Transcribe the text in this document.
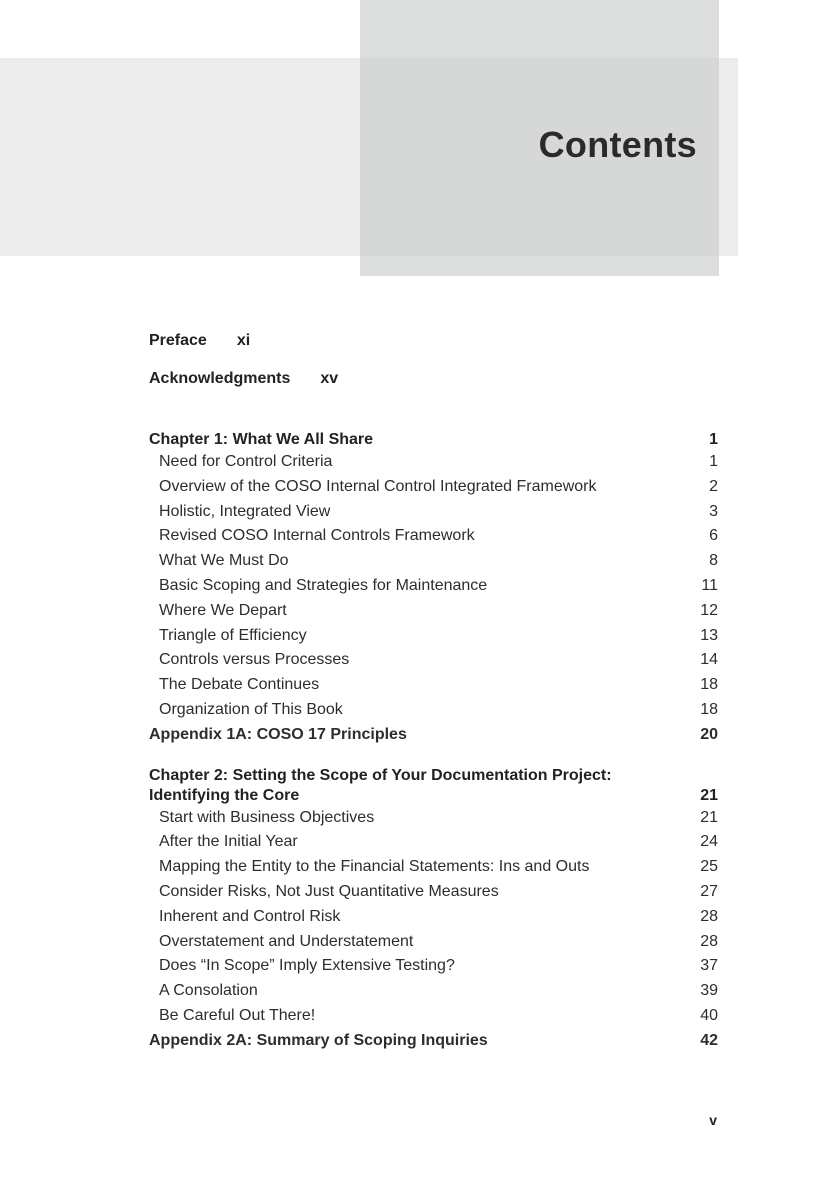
Contents
Preface xi
Acknowledgments xv
Chapter 1: What We All Share	1
Need for Control Criteria	1
Overview of the COSO Internal Control Integrated Framework	2
Holistic, Integrated View	3
Revised COSO Internal Controls Framework	6
What We Must Do	8
Basic Scoping and Strategies for Maintenance	11
Where We Depart	12
Triangle of Efficiency	13
Controls versus Processes	14
The Debate Continues	18
Organization of This Book	18
Appendix 1A: COSO 17 Principles	20
Chapter 2: Setting the Scope of Your Documentation Project:
Identifying the Core	21
Start with Business Objectives	21
After the Initial Year	24
Mapping the Entity to the Financial Statements: Ins and Outs	25
Consider Risks, Not Just Quantitative Measures	27
Inherent and Control Risk	28
Overstatement and Understatement	28
Does “In Scope” Imply Extensive Testing?	37
A Consolation	39
Be Careful Out There!	40
Appendix 2A: Summary of Scoping Inquiries	42
v
